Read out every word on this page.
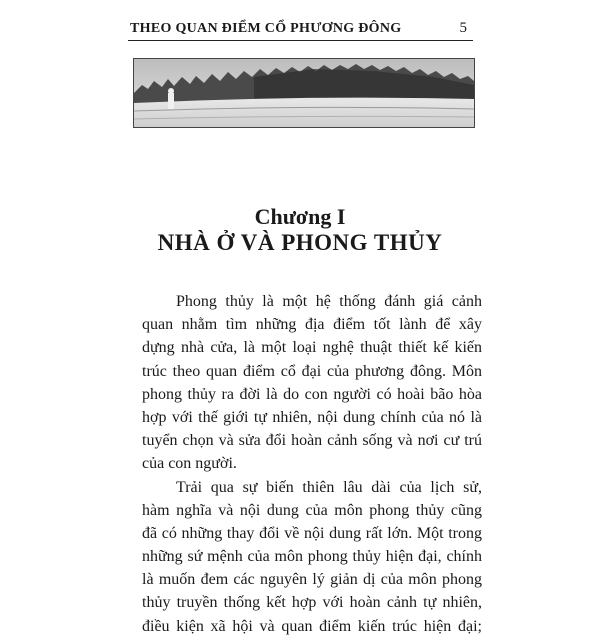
THEO QUAN ĐIỂM CỔ PHƯƠNG ĐÔNG	5
Chương I
NHÀ Ở VÀ PHONG THỦY
Phong thủy là một hệ thống đánh giá cảnh
quan nhằm tìm những địa điểm tốt lành để xây
dựng nhà cửa, là một loại nghệ thuật thiết kế kiến
trúc theo quan điểm cổ đại của phương đông. Môn
phong thủy ra đời là do con người có hoài bão hòa
hợp với thế giới tự nhiên, nội dung chính của nó là
tuyển chọn và sửa đổi hoàn cảnh sống và nơi cư trú
của con người.
Trải qua sự biến thiên lâu dài của lịch sử,
hàm nghĩa và nội dung của môn phong thủy cũng
đã có những thay đổi về nội dung rất lớn. Một trong
những sứ mệnh của môn phong thủy hiện đại, chính
là muốn đem các nguyên lý giản dị của môn phong
thủy truyền thống kết hợp với hoàn cảnh tự nhiên,
điều kiện xã hội và quan điểm kiến trúc hiện đại;
